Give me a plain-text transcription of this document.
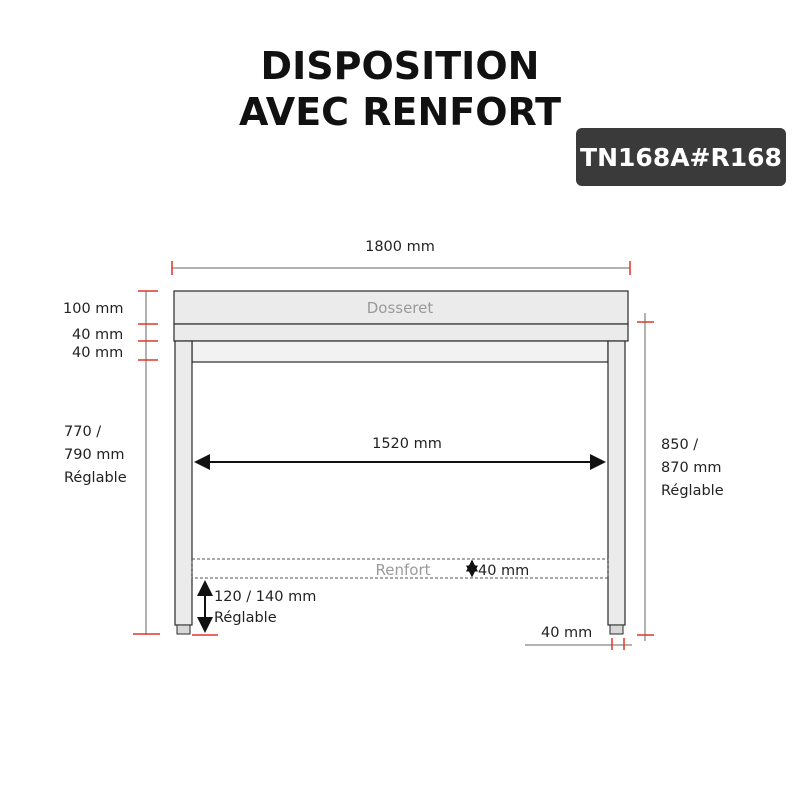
DISPOSITION
AVEC RENFORT
TN168A#R168
1800 mm
Dosseret
Renfort
1520 mm
100 mm
40 mm
40 mm
770 /
790 mm
Réglable
850 /
870 mm
Réglable
40 mm
120 / 140 mm
Réglable
40 mm
